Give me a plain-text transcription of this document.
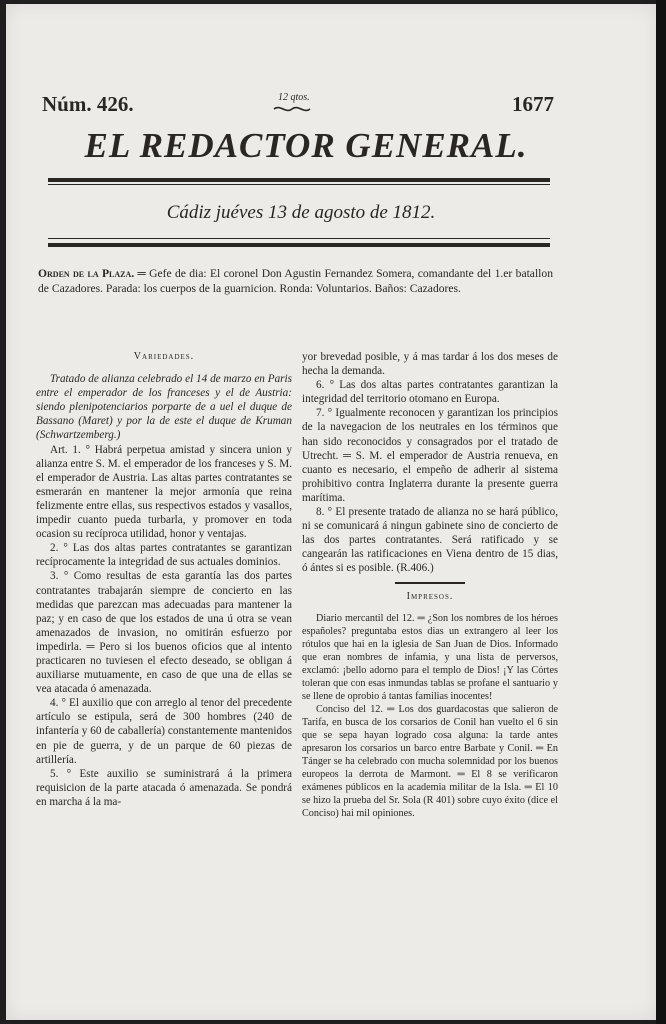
Núm. 426.	12 qtos.	1677
EL REDACTOR GENERAL.
Cádiz juéves 13 de agosto de 1812.
Orden de la Plaza. ═ Gefe de dia: El coronel Don Agustin Fernandez Somera, comandante del 1.er batallon de Cazadores. Parada: los cuerpos de la guarnicion. Ronda: Voluntarios. Baños: Cazadores.
Variedades.

Tratado de alianza celebrado el 14 de marzo en Paris entre el emperador de los franceses y el de Austria: siendo plenipotenciarios porparte de a uel el duque de Bassano (Maret) y por la de este el duque de Kruman (Schwartzemberg.)

Art. 1. ° Habrá perpetua amistad y sincera union y alianza entre S. M. el emperador de los franceses y S. M. el emperador de Austria. Las altas partes contratantes se esmerarán en mantener la mejor armonía que reina felizmente entre ellas, sus respectivos estados y vasallos, impedir cuanto pueda turbarla, y promover en toda ocasion su recíproca utilidad, honor y ventajas.

2. ° Las dos altas partes contratantes se garantizan recíprocamente la integridad de sus actuales dominios.

3. ° Como resultas de esta garantía las dos partes contratantes trabajarán siempre de concierto en las medidas que parezcan mas adecuadas para mantener la paz; y en caso de que los estados de una ú otra se vean amenazados de invasion, no omitirán esfuerzo por impedirla. ═ Pero si los buenos oficios que al intento practicaren no tuviesen el efecto deseado, se obligan á auxiliarse mutuamente, en caso de que una de ellas se vea atacada ó amenazada.

4. ° El auxilio que con arreglo al tenor del precedente artículo se estipula, será de 300 hombres (240 de infantería y 60 de caballería) constantemente mantenidos en pie de guerra, y de un parque de 60 piezas de artillería.

5. ° Este auxilio se suministrará á la primera requisicion de la parte atacada ó amenazada. Se pondrá en marcha á la ma-

yor brevedad posible, y á mas tardar á los dos meses de hecha la demanda.

6. ° Las dos altas partes contratantes garantizan la integridad del territorio otomano en Europa.

7. ° Igualmente reconocen y garantizan los principios de la navegacion de los neutrales en los términos que han sido reconocidos y consagrados por el tratado de Utrecht. ═ S. M. el emperador de Austria renueva, en cuanto es necesario, el empeño de adherir al sistema prohibitivo contra Inglaterra durante la presente guerra marítima.

8. ° El presente tratado de alianza no se hará público, ni se comunicará á ningun gabinete sino de concierto de las dos partes contratantes. Será ratificado y se cangearán las ratificaciones en Viena dentro de 15 dias, ó ántes si es posible. (R.406.)

Impresos.

Diario mercantil del 12. ═ ¿Son los nombres de los héroes españoles? preguntaba estos dias un extrangero al leer los rótulos que hai en la iglesia de San Juan de Dios. Informado que eran nombres de infamia, y una lista de perversos, exclamó: ¡bello adorno para el templo de Dios! ¡Y las Córtes toleran que con esas inmundas tablas se profane el santuario y se llene de oprobio á tantas familias inocentes!

Conciso del 12. ═ Los dos guardacostas que salieron de Tarifa, en busca de los corsarios de Conil han vuelto el 6 sin que se sepa hayan logrado cosa alguna: la tarde antes apresaron los corsarios un barco entre Barbate y Conil. ═ En Tánger se ha celebrado con mucha solemnidad por los buenos europeos la derrota de Marmont. ═ El 8 se verificaron exámenes públicos en la academia militar de la Isla. ═ El 10 se hizo la prueba del Sr. Sola (R 401) sobre cuyo éxito (dice el Conciso) hai mil opiniones.
